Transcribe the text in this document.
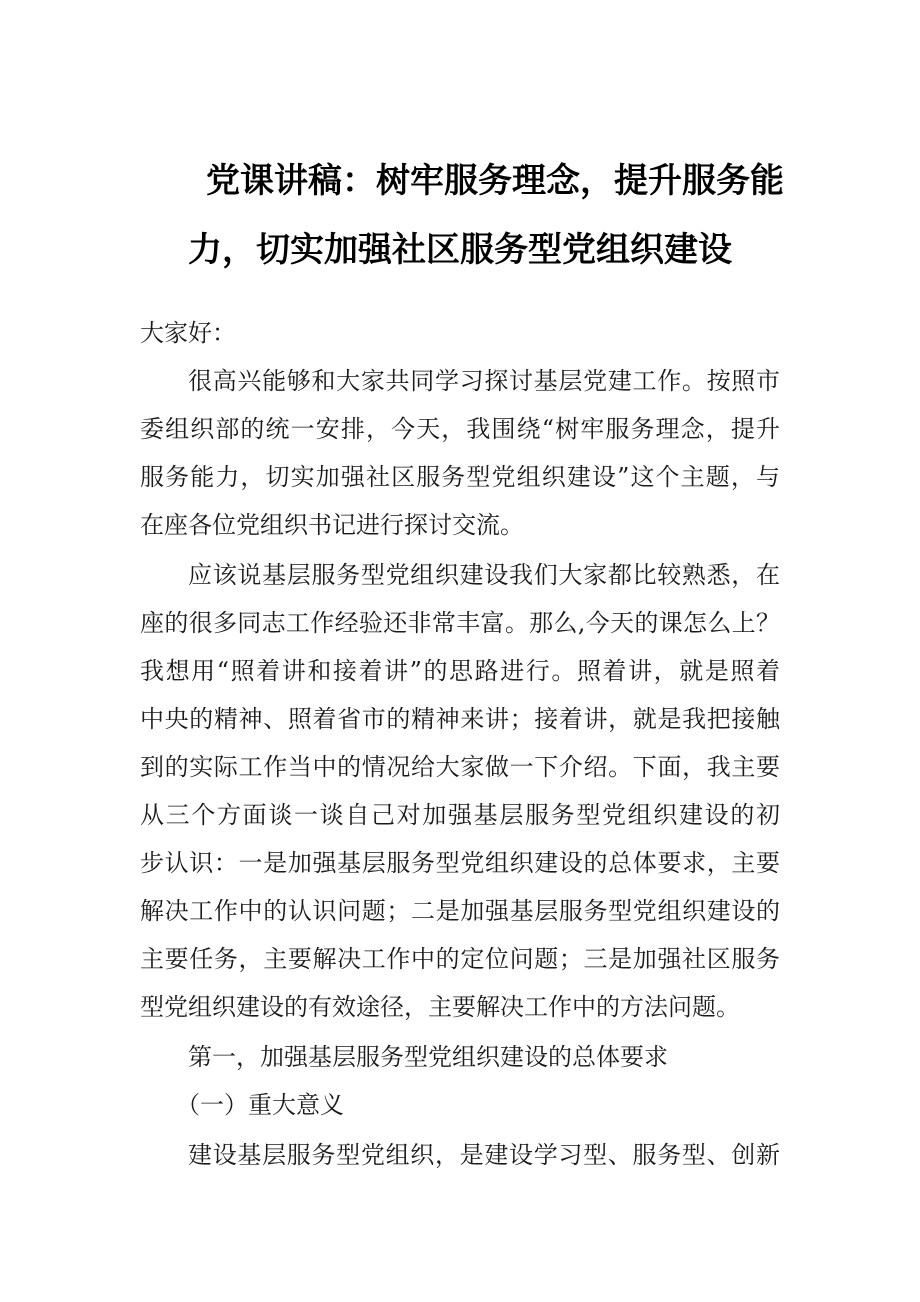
党课讲稿：树牢服务理念，提升服务能
力，切实加强社区服务型党组织建设
大家好：
很高兴能够和大家共同学习探讨基层党建工作。按照市
委组织部的统一安排，今天，我围绕“树牢服务理念，提升
服务能力，切实加强社区服务型党组织建设”这个主题，与
在座各位党组织书记进行探讨交流。
应该说基层服务型党组织建设我们大家都比较熟悉，在
座的很多同志工作经验还非常丰富。那么,今天的课怎么上？
我想用“照着讲和接着讲”的思路进行。照着讲，就是照着
中央的精神、照着省市的精神来讲；接着讲，就是我把接触
到的实际工作当中的情况给大家做一下介绍。下面，我主要
从三个方面谈一谈自己对加强基层服务型党组织建设的初
步认识：一是加强基层服务型党组织建设的总体要求，主要
解决工作中的认识问题；二是加强基层服务型党组织建设的
主要任务，主要解决工作中的定位问题；三是加强社区服务
型党组织建设的有效途径，主要解决工作中的方法问题。
第一，加强基层服务型党组织建设的总体要求
（一）重大意义
建设基层服务型党组织，是建设学习型、服务型、创新
